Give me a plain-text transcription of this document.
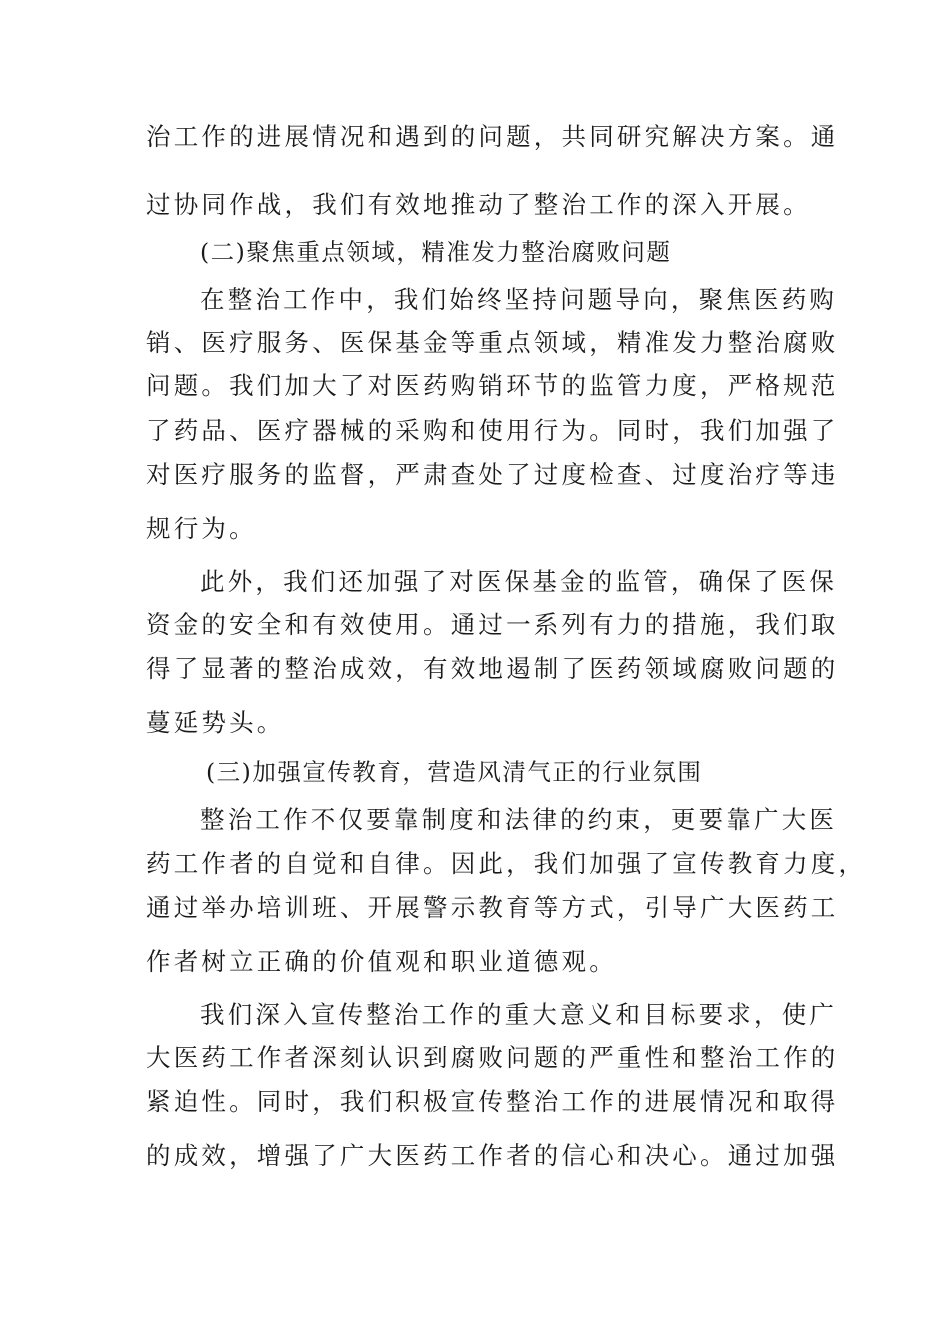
治工作的进展情况和遇到的问题，共同研究解决方案。通
过协同作战，我们有效地推动了整治工作的深入开展。
(二)聚焦重点领域，精准发力整治腐败问题
在整治工作中，我们始终坚持问题导向，聚焦医药购
销、医疗服务、医保基金等重点领域，精准发力整治腐败
问题。我们加大了对医药购销环节的监管力度，严格规范
了药品、医疗器械的采购和使用行为。同时，我们加强了
对医疗服务的监督，严肃查处了过度检查、过度治疗等违
规行为。
此外，我们还加强了对医保基金的监管，确保了医保
资金的安全和有效使用。通过一系列有力的措施，我们取
得了显著的整治成效，有效地遏制了医药领域腐败问题的
蔓延势头。
(三)加强宣传教育，营造风清气正的行业氛围
整治工作不仅要靠制度和法律的约束，更要靠广大医
药工作者的自觉和自律。因此，我们加强了宣传教育力度，
通过举办培训班、开展警示教育等方式，引导广大医药工
作者树立正确的价值观和职业道德观。
我们深入宣传整治工作的重大意义和目标要求，使广
大医药工作者深刻认识到腐败问题的严重性和整治工作的
紧迫性。同时，我们积极宣传整治工作的进展情况和取得
的成效，增强了广大医药工作者的信心和决心。通过加强
